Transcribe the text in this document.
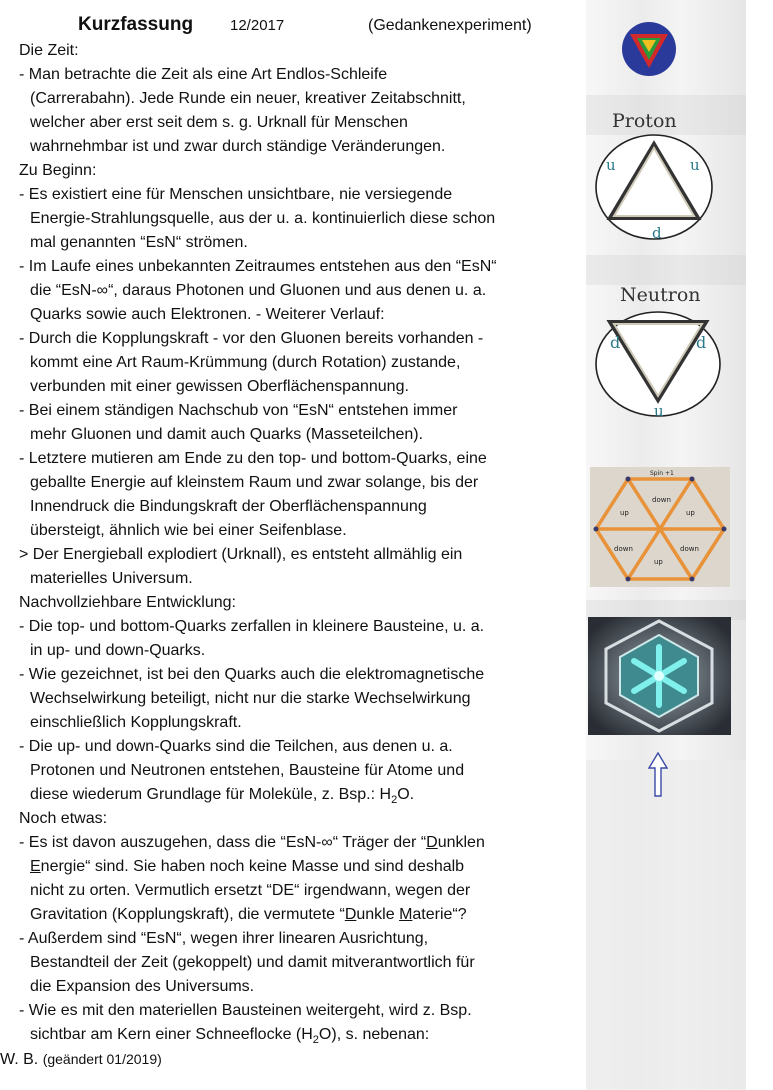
Kurzfassung 12/2017	(Gedankenexperiment)
Die Zeit:
- Man betrachte die Zeit als eine Art Endlos-Schleife
(Carrerabahn). Jede Runde ein neuer, kreativer Zeitabschnitt,
welcher aber erst seit dem s. g. Urknall für Menschen
wahrnehmbar ist und zwar durch ständige Veränderungen.
Zu Beginn:
- Es existiert eine für Menschen unsichtbare, nie versiegende
Energie-Strahlungsquelle, aus der u. a. kontinuierlich diese schon
mal genannten “EsN“ strömen.
- Im Laufe eines unbekannten Zeitraumes entstehen aus den “EsN“
die “EsN-∞“, daraus Photonen und Gluonen und aus denen u. a.
Quarks sowie auch Elektronen. - Weiterer Verlauf:
- Durch die Kopplungskraft - vor den Gluonen bereits vorhanden -
kommt eine Art Raum-Krümmung (durch Rotation) zustande,
verbunden mit einer gewissen Oberflächenspannung.
- Bei einem ständigen Nachschub von “EsN“ entstehen immer
mehr Gluonen und damit auch Quarks (Masseteilchen).
- Letztere mutieren am Ende zu den top- und bottom-Quarks, eine
geballte Energie auf kleinstem Raum und zwar solange, bis der
Innendruck die Bindungskraft der Oberflächenspannung
übersteigt, ähnlich wie bei einer Seifenblase.
> Der Energieball explodiert (Urknall), es entsteht allmählig ein
materielles Universum.
Nachvollziehbare Entwicklung:
- Die top- und bottom-Quarks zerfallen in kleinere Bausteine, u. a.
in up- und down-Quarks.
- Wie gezeichnet, ist bei den Quarks auch die elektromagnetische
Wechselwirkung beteiligt, nicht nur die starke Wechselwirkung
einschließlich Kopplungskraft.
- Die up- und down-Quarks sind die Teilchen, aus denen u. a.
Protonen und Neutronen entstehen, Bausteine für Atome und
diese wiederum Grundlage für Moleküle, z. Bsp.: $H_2O$.
Noch etwas:
- Es ist davon auszugehen, dass die “EsN-∞“ Träger der “Dunklen
Energie“ sind. Sie haben noch keine Masse und sind deshalb
nicht zu orten. Vermutlich ersetzt “DE“ irgendwann, wegen der
Gravitation (Kopplungskraft), die vermutete “Dunkle Materie“?
- Außerdem sind “EsN“, wegen ihrer linearen Ausrichtung,
Bestandteil der Zeit (gekoppelt) und damit mitverantwortlich für
die Expansion des Universums.
- Wie es mit den materiellen Bausteinen weitergeht, wird z. Bsp.
sichtbar am Kern einer Schneeflocke $(H_2O)$, s. nebenan:
W. B. (geändert 01/2019)
Proton
u	u
d
Neutron
d	d
u
Spin +1
down
up	up
down	down
up
